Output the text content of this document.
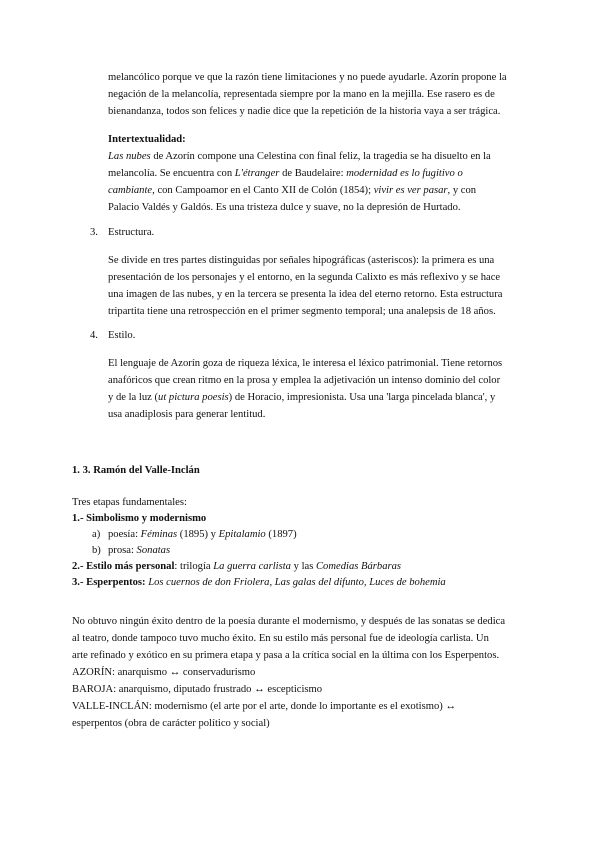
melancólico porque ve que la razón tiene limitaciones y no puede ayudarle. Azorín propone la
negación de la melancolía, representada siempre por la mano en la mejilla. Ese rasero es de
bienandanza, todos son felices y nadie dice que la repetición de la historia vaya a ser trágica.
Intertextualidad:
Las nubes de Azorín compone una Celestina con final feliz, la tragedia se ha disuelto en la
melancolía. Se encuentra con L'étranger de Baudelaire: modernidad es lo fugitivo o
cambiante, con Campoamor en el Canto XII de Colón (1854); vivir es ver pasar, y con
Palacio Valdés y Galdós. Es una tristeza dulce y suave, no la depresión de Hurtado.
3. Estructura.
Se divide en tres partes distinguidas por señales hipográficas (asteriscos): la primera es una
presentación de los personajes y el entorno, en la segunda Calixto es más reflexivo y se hace
una imagen de las nubes, y en la tercera se presenta la idea del eterno retorno. Esta estructura
tripartita tiene una retrospección en el primer segmento temporal; una analepsis de 18 años.
4. Estilo.
El lenguaje de Azorín goza de riqueza léxica, le interesa el léxico patrimonial. Tiene retornos
anafóricos que crean ritmo en la prosa y emplea la adjetivación un intenso dominio del color
y de la luz (ut pictura poesis) de Horacio, impresionista. Usa una 'larga pincelada blanca', y
usa anadiplosis para generar lentitud.
1. 3. Ramón del Valle-Inclán
Tres etapas fundamentales:
1.- Simbolismo y modernismo
a) poesía: Féminas (1895) y Epitalamio (1897)
b) prosa: Sonatas
2.- Estilo más personal: trilogía La guerra carlista y las Comedias Bárbaras
3.- Esperpentos: Los cuernos de don Friolera, Las galas del difunto, Luces de bohemia
No obtuvo ningún éxito dentro de la poesía durante el modernismo, y después de las sonatas se dedica
al teatro, donde tampoco tuvo mucho éxito. En su estilo más personal fue de ideología carlista. Un
arte refinado y exótico en su primera etapa y pasa a la crítica social en la última con los Esperpentos.
AZORÍN: anarquismo ↔ conservadurismo
BAROJA: anarquismo, diputado frustrado ↔ escepticismo
VALLE-INCLÁN: modernismo (el arte por el arte, donde lo importante es el exotismo) ↔
esperpentos (obra de carácter político y social)
